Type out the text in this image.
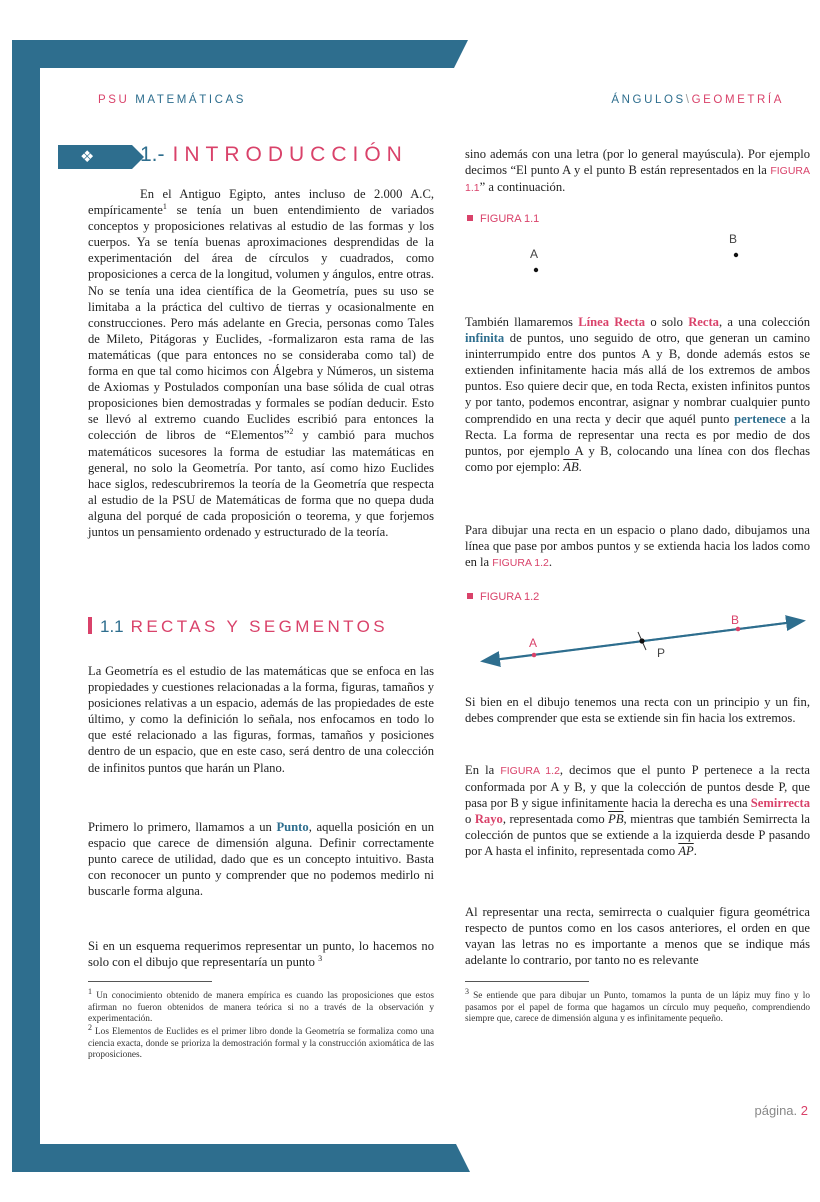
PSU MATEMÁTICAS	ÁNGULOS\GEOMETRÍA
❖ 1.- INTRODUCCIÓN

En el Antiguo Egipto, antes incluso de 2.000 A.C, empíricamente$^1$ se tenía un buen entendimiento de variados conceptos y proposiciones relativas al estudio de las formas y los cuerpos. Ya se tenía buenas aproximaciones desprendidas de la experimentación del área de círculos y cuadrados, como proposiciones a cerca de la longitud, volumen y ángulos, entre otras. No se tenía una idea científica de la Geometría, pues su uso se limitaba a la práctica del cultivo de tierras y ocasionalmente en construcciones. Pero más adelante en Grecia, personas como Tales de Mileto, Pitágoras y Euclides, -formalizaron esta rama de las matemáticas (que para entonces no se consideraba como tal) de forma en que tal como hicimos con Álgebra y Números, un sistema de Axiomas y Postulados componían una base sólida de cual otras proposiciones bien demostradas y formales se podían deducir. Esto se llevó al extremo cuando Euclides escribió para entonces la colección de libros de “Elementos”$^2$ y cambió para muchos matemáticos sucesores la forma de estudiar las matemáticas en general, no solo la Geometría. Por tanto, así como hizo Euclides hace siglos, redescubriremos la teoría de la Geometría que respecta al estudio de la PSU de Matemáticas de forma que no quepa duda alguna del porqué de cada proposición o teorema, y que forjemos juntos un pensamiento ordenado y estructurado de la teoría.

1.1 RECTAS Y SEGMENTOS

La Geometría es el estudio de las matemáticas que se enfoca en las propiedades y cuestiones relacionadas a la forma, figuras, tamaños y posiciones relativas a un espacio, además de las propiedades de este último, y como la definición lo señala, nos enfocamos en todo lo que esté relacionado a las figuras, formas, tamaños y posiciones dentro de un espacio, que en este caso, será dentro de una colección de infinitos puntos que harán un Plano.

Primero lo primero, llamamos a un Punto, aquella posición en un espacio que carece de dimensión alguna. Definir correctamente punto carece de utilidad, dado que es un concepto intuitivo. Basta con reconocer un punto y comprender que no podemos medirlo ni buscarle forma alguna.

Si en un esquema requerimos representar un punto, lo hacemos no solo con el dibujo que representaría un punto $^3$

sino además con una letra (por lo general mayúscula). Por ejemplo decimos “El punto A y el punto B están representados en la FIGURA 1.1” a continuación.

FIGURA 1.1
A
B

También llamaremos Línea Recta o solo Recta, a una colección infinita de puntos, uno seguido de otro, que generan un camino ininterrumpido entre dos puntos A y B, donde además estos se extienden infinitamente hacia más allá de los extremos de ambos puntos. Eso quiere decir que, en toda Recta, existen infinitos puntos y por tanto, podemos encontrar, asignar y nombrar cualquier punto comprendido en una recta y decir que aquél punto pertenece a la Recta. La forma de representar una recta es por medio de dos puntos, por ejemplo A y B, colocando una línea con dos flechas como por ejemplo: $\overline{AB}$.

Para dibujar una recta en un espacio o plano dado, dibujamos una línea que pase por ambos puntos y se extienda hacia los lados como en la FIGURA 1.2.

FIGURA 1.2
A
B
P

Si bien en el dibujo tenemos una recta con un principio y un fin, debes comprender que esta se extiende sin fin hacia los extremos.

En la FIGURA 1.2, decimos que el punto P pertenece a la recta conformada por A y B, y que la colección de puntos desde P, que pasa por B y sigue infinitamente hacia la derecha es una Semirrecta o Rayo, representada como $\overline{PB}$, mientras que también Semirrecta la colección de puntos que se extiende a la izquierda desde P pasando por A hasta el infinito, representada como $\overline{AP}$.

Al representar una recta, semirrecta o cualquier figura geométrica respecto de puntos como en los casos anteriores, el orden en que vayan las letras no es importante a menos que se indique más adelante lo contrario, por tanto no es relevante

$^1$ Un conocimiento obtenido de manera empírica es cuando las proposiciones que estos afirman no fueron obtenidos de manera teórica si no a través de la observación y experimentación.
$^2$ Los Elementos de Euclides es el primer libro donde la Geometría se formaliza como una ciencia exacta, donde se prioriza la demostración formal y la construcción axiomática de las proposiciones.
$^3$ Se entiende que para dibujar un Punto, tomamos la punta de un lápiz muy fino y lo pasamos por el papel de forma que hagamos un círculo muy pequeño, comprendiendo siempre que, carece de dimensión alguna y es infinitamente pequeño.
página. 2
